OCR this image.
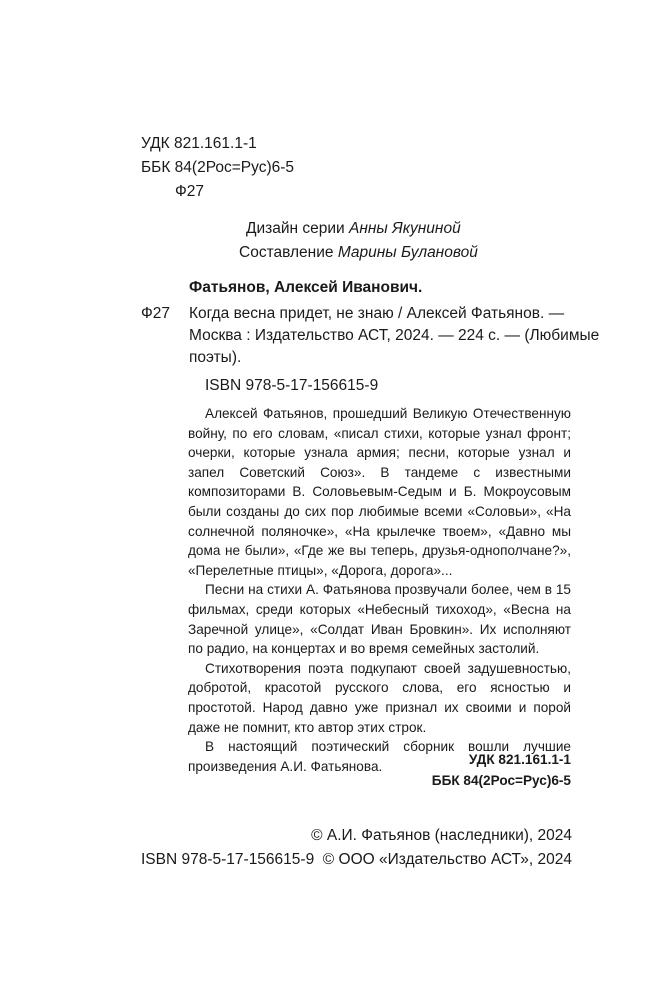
УДК 821.161.1-1
ББК 84(2Рос=Рус)6-5
Ф27
Дизайн серии Анны Якуниной
Составление Марины Булановой
Фатьянов, Алексей Иванович.
Ф27 Когда весна придет, не знаю / Алексей Фатьянов. —
Москва : Издательство АСТ, 2024. — 224 с. — (Любимые
поэты).
ISBN 978-5-17-156615-9

Алексей Фатьянов, прошедший Великую Отечественную войну, по его словам, «писал стихи, которые узнал фронт; очерки, которые узнала армия; песни, которые узнал и запел Советский Союз». В тандеме с известными композиторами В. Соловьевым-Седым и Б. Мокроусовым были созданы до сих пор любимые всеми «Соловьи», «На солнечной поляночке», «На крылечке твоем», «Давно мы дома не были», «Где же вы теперь, друзья-однополчане?», «Перелетные птицы», «Дорога, дорога»...

Песни на стихи А. Фатьянова прозвучали более, чем в 15 фильмах, среди которых «Небесный тихоход», «Весна на Заречной улице», «Солдат Иван Бровкин». Их исполняют по радио, на концертах и во время семейных застолий.

Стихотворения поэта подкупают своей задушевностью, добротой, красотой русского слова, его ясностью и простотой. Народ давно уже признал их своими и порой даже не помнит, кто автор этих строк.

В настоящий поэтический сборник вошли лучшие произведения А.И. Фатьянова.	УДК 821.161.1-1
ББК 84(2Рос=Рус)6-5
© А.И. Фатьянов (наследники), 2024
ISBN 978-5-17-156615-9 © ООО «Издательство АСТ», 2024
